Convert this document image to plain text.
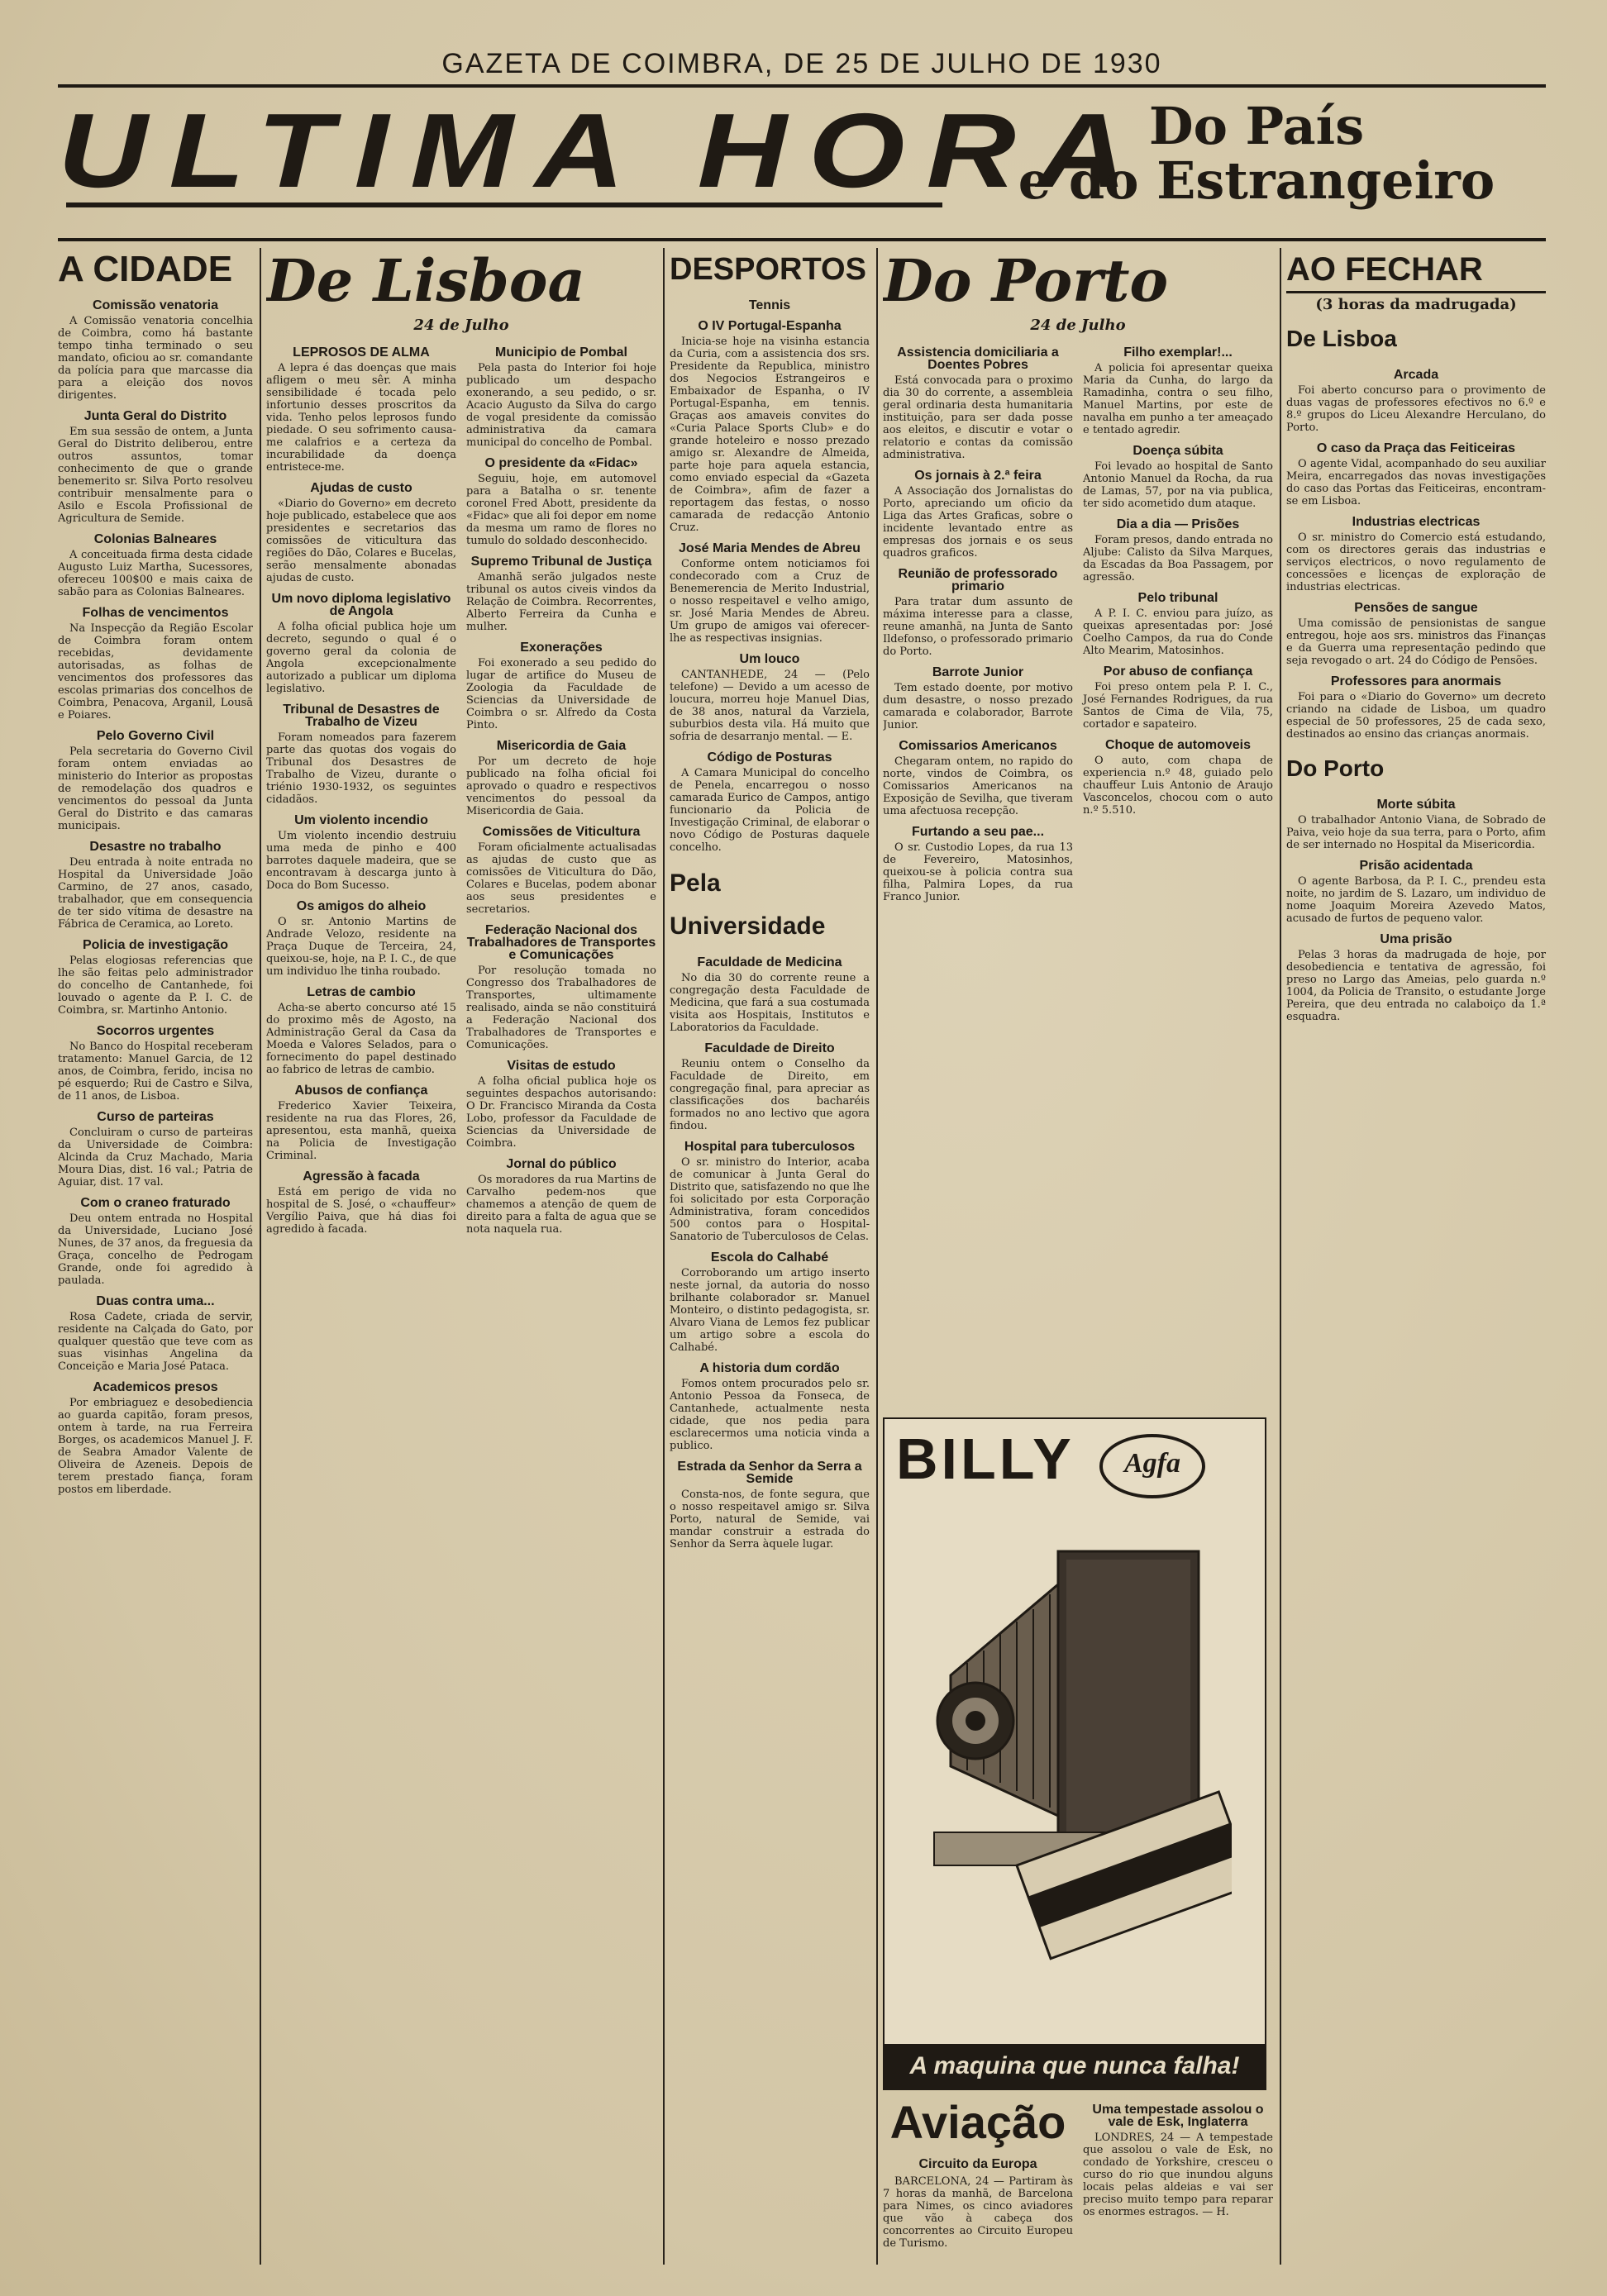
GAZETA DE COIMBRA, DE 25 DE JULHO DE 1930
ULTIMA HORA Do País
e do Estrangeiro
A CIDADE
Comissão venatoria

A Comissão venatoria concelhia de Coimbra, como há bastante tempo tinha terminado o seu mandato, oficiou ao sr. comandante da polícia para que marcasse dia para a eleição dos novos dirigentes.

Junta Geral do Distrito

Em sua sessão de ontem, a Junta Geral do Distrito deliberou, entre outros assuntos, tomar conhecimento de que o grande benemerito sr. Silva Porto resolveu contribuir mensalmente para o Asilo e Escola Profissional de Agricultura de Semide.

Colonias Balneares

A conceituada firma desta cidade Augusto Luiz Martha, Sucessores, ofereceu 100$00 e mais caixa de sabão para as Colonias Balneares.

Folhas de vencimentos

Na Inspecção da Região Escolar de Coimbra foram ontem recebidas, devidamente autorisadas, as folhas de vencimentos dos professores das escolas primarias dos concelhos de Coimbra, Penacova, Arganil, Lousã e Poiares.

Pelo Governo Civil

Pela secretaria do Governo Civil foram ontem enviadas ao ministerio do Interior as propostas de remodelação dos quadros e vencimentos do pessoal da Junta Geral do Distrito e das camaras municipais.

Desastre no trabalho

Deu entrada à noite entrada no Hospital da Universidade João Carmino, de 27 anos, casado, trabalhador, que em consequencia de ter sido vítima de desastre na Fábrica de Ceramica, ao Loreto.

Policia de investigação

Pelas elogiosas referencias que lhe são feitas pelo administrador do concelho de Cantanhede, foi louvado o agente da P. I. C. de Coimbra, sr. Martinho Antonio.

Socorros urgentes

No Banco do Hospital receberam tratamento: Manuel Garcia, de 12 anos, de Coimbra, ferido, incisa no pé esquerdo; Rui de Castro e Silva, de 11 anos, de Lisboa.

Curso de parteiras

Concluiram o curso de parteiras da Universidade de Coimbra: Alcinda da Cruz Machado, Maria Moura Dias, dist. 16 val.; Patria de Aguiar, dist. 17 val.

Com o craneo fraturado

Deu ontem entrada no Hospital da Universidade, Luciano José Nunes, de 37 anos, da freguesia da Graça, concelho de Pedrogam Grande, onde foi agredido à paulada.

Duas contra uma...

Rosa Cadete, criada de servir, residente na Calçada do Gato, por qualquer questão que teve com as suas visinhas Angelina da Conceição e Maria José Pataca.

Academicos presos

Por embriaguez e desobediencia ao guarda capitão, foram presos, ontem à tarde, na rua Ferreira Borges, os academicos Manuel J. F. de Seabra Amador Valente de Oliveira de Azeneis. Depois de terem prestado fiança, foram postos em liberdade.

De Lisboa
24 de Julho
LEPROSOS DE ALMA

A lepra é das doenças que mais afligem o meu sêr. A minha sensibilidade é tocada pelo infortunio desses proscritos da vida. Tenho pelos leprosos fundo piedade. O seu sofrimento causa-me calafrios e a certeza da incurabilidade da doença entristece-me.

Ajudas de custo

«Diario do Governo» em decreto hoje publicado, estabelece que aos presidentes e secretarios das comissões de viticultura das regiões do Dão, Colares e Bucelas, serão mensalmente abonadas ajudas de custo.

Um novo diploma legislativo de Angola

A folha oficial publica hoje um decreto, segundo o qual é o governo geral da colonia de Angola excepcionalmente autorizado a publicar um diploma legislativo.

Tribunal de Desastres de Trabalho de Vizeu

Foram nomeados para fazerem parte das quotas dos vogais do Tribunal dos Desastres de Trabalho de Vizeu, durante o triénio 1930-1932, os seguintes cidadãos.

Um violento incendio

Um violento incendio destruiu uma meda de pinho e 400 barrotes daquele madeira, que se encontravam à descarga junto à Doca do Bom Sucesso.

Os amigos do alheio

O sr. Antonio Martins de Andrade Velozo, residente na Praça Duque de Terceira, 24, queixou-se, hoje, na P. I. C., de que um individuo lhe tinha roubado.

Letras de cambio

Acha-se aberto concurso até 15 do proximo mês de Agosto, na Administração Geral da Casa da Moeda e Valores Selados, para o fornecimento do papel destinado ao fabrico de letras de cambio.

Abusos de confiança

Frederico Xavier Teixeira, residente na rua das Flores, 26, apresentou, esta manhã, queixa na Policia de Investigação Criminal.

Agressão à facada

Está em perigo de vida no hospital de S. José, o «chauffeur» Vergílio Paiva, que há dias foi agredido à facada.

Municipio de Pombal

Pela pasta do Interior foi hoje publicado um despacho exonerando, a seu pedido, o sr. Acacio Augusto da Silva do cargo de vogal presidente da comissão administrativa da camara municipal do concelho de Pombal.

O presidente da «Fidac»

Seguiu, hoje, em automovel para a Batalha o sr. tenente coronel Fred Abott, presidente da «Fidac» que ali foi depor em nome da mesma um ramo de flores no tumulo do soldado desconhecido.

Supremo Tribunal de Justiça

Amanhã serão julgados neste tribunal os autos civeis vindos da Relação de Coimbra. Recorrentes, Alberto Ferreira da Cunha e mulher.

Exonerações

Foi exonerado a seu pedido do lugar de artifice do Museu de Zoologia da Faculdade de Sciencias da Universidade de Coimbra o sr. Alfredo da Costa Pinto.

Misericordia de Gaia

Por um decreto de hoje publicado na folha oficial foi aprovado o quadro e respectivos vencimentos do pessoal da Misericordia de Gaia.

Comissões de Viticultura

Foram oficialmente actualisadas as ajudas de custo que as comissões de Viticultura do Dão, Colares e Bucelas, podem abonar aos seus presidentes e secretarios.

Federação Nacional dos Trabalhadores de Transportes e Comunicações

Por resolução tomada no Congresso dos Trabalhadores de Transportes, ultimamente realisado, ainda se não constituirá a Federação Nacional dos Trabalhadores de Transportes e Comunicações.

Visitas de estudo

A folha oficial publica hoje os seguintes despachos autorisando: O Dr. Francisco Miranda da Costa Lobo, professor da Faculdade de Sciencias da Universidade de Coimbra.

Jornal do público

Os moradores da rua Martins de Carvalho pedem-nos que chamemos a atenção de quem de direito para a falta de agua que se nota naquela rua.

DESPORTOS
Tennis
O IV Portugal-Espanha

Inicia-se hoje na visinha estancia da Curia, com a assistencia dos srs. Presidente da Republica, ministro dos Negocios Estrangeiros e Embaixador de Espanha, o IV Portugal-Espanha, em tennis. Graças aos amaveis convites do «Curia Palace Sports Club» e do grande hoteleiro e nosso prezado amigo sr. Alexandre de Almeida, parte hoje para aquela estancia, como enviado especial da «Gazeta de Coimbra», afim de fazer a reportagem das festas, o nosso camarada de redacção Antonio Cruz.

José Maria Mendes de Abreu

Conforme ontem noticiamos foi condecorado com a Cruz de Benemerencia de Merito Industrial, o nosso respeitavel e velho amigo, sr. José Maria Mendes de Abreu. Um grupo de amigos vai oferecer-lhe as respectivas insignias.

Um louco

CANTANHEDE, 24 — (Pelo telefone) — Devido a um acesso de loucura, morreu hoje Manuel Dias, de 38 anos, natural da Varziela, suburbios desta vila. Há muito que sofria de desarranjo mental. — E.

Código de Posturas

A Camara Municipal do concelho de Penela, encarregou o nosso camarada Eurico de Campos, antigo funcionario da Policia de Investigação Criminal, de elaborar o novo Código de Posturas daquele concelho.

Pela Universidade
Faculdade de Medicina

No dia 30 do corrente reune a congregação desta Faculdade de Medicina, que fará a sua costumada visita aos Hospitais, Institutos e Laboratorios da Faculdade.

Faculdade de Direito

Reuniu ontem o Conselho da Faculdade de Direito, em congregação final, para apreciar as classificações dos bacharéis formados no ano lectivo que agora findou.

Hospital para tuberculosos

O sr. ministro do Interior, acaba de comunicar à Junta Geral do Distrito que, satisfazendo no que lhe foi solicitado por esta Corporação Administrativa, foram concedidos 500 contos para o Hospital-Sanatorio de Tuberculosos de Celas.

Escola do Calhabé

Corroborando um artigo inserto neste jornal, da autoria do nosso brilhante colaborador sr. Manuel Monteiro, o distinto pedagogista, sr. Alvaro Viana de Lemos fez publicar um artigo sobre a escola do Calhabé.

A historia dum cordão

Fomos ontem procurados pelo sr. Antonio Pessoa da Fonseca, de Cantanhede, actualmente nesta cidade, que nos pedia para esclarecermos uma noticia vinda a publico.

Estrada da Senhor da Serra a Semide

Consta-nos, de fonte segura, que o nosso respeitavel amigo sr. Silva Porto, natural de Semide, vai mandar construir a estrada do Senhor da Serra àquele lugar.

Do Porto
24 de Julho
Assistencia domiciliaria a Doentes Pobres

Está convocada para o proximo dia 30 do corrente, a assembleia geral ordinaria desta humanitaria instituição, para ser dada posse aos eleitos, e discutir e votar o relatorio e contas da comissão administrativa.

Os jornais à 2.ª feira

A Associação dos Jornalistas do Porto, apreciando um oficio da Liga das Artes Graficas, sobre o incidente levantado entre as empresas dos jornais e os seus quadros graficos.

Reunião de professorado primario

Para tratar dum assunto de máxima interesse para a classe, reune amanhã, na Junta de Santo Ildefonso, o professorado primario do Porto.

Barrote Junior

Tem estado doente, por motivo dum desastre, o nosso prezado camarada e colaborador, Barrote Junior.

Comissarios Americanos

Chegaram ontem, no rapido do norte, vindos de Coimbra, os Comissarios Americanos na Exposição de Sevilha, que tiveram uma afectuosa recepção.

Furtando a seu pae...

O sr. Custodio Lopes, da rua 13 de Fevereiro, Matosinhos, queixou-se à policia contra sua filha, Palmira Lopes, da rua Franco Junior.

Filho exemplar!...

A policia foi apresentar queixa Maria da Cunha, do largo da Ramadinha, contra o seu filho, Manuel Martins, por este de navalha em punho a ter ameaçado e tentado agredir.

Doença súbita

Foi levado ao hospital de Santo Antonio Manuel da Rocha, da rua de Lamas, 57, por na via publica, ter sido acometido dum ataque.

Dia a dia — Prisões

Foram presos, dando entrada no Aljube: Calisto da Silva Marques, da Escadas da Boa Passagem, por agressão.

Pelo tribunal

A P. I. C. enviou para juízo, as queixas apresentadas por: José Coelho Campos, da rua do Conde Alto Mearim, Matosinhos.

Por abuso de confiança

Foi preso ontem pela P. I. C., José Fernandes Rodrigues, da rua Santos de Cima de Vila, 75, cortador e sapateiro.

Choque de automoveis

O auto, com chapa de experiencia n.º 48, guiado pelo chauffeur Luis Antonio de Araujo Vasconcelos, chocou com o auto n.º 5.510.

BILLY	Agfa
Agfa-Film
A maquina que nunca falha!
Aviação
Circuito da Europa

BARCELONA, 24 — Partiram às 7 horas da manhã, de Barcelona para Nimes, os cinco aviadores que vão à cabeça dos concorrentes ao Circuito Europeu de Turismo.

Uma tempestade assolou o vale de Esk, Inglaterra

LONDRES, 24 — A tempestade que assolou o vale de Esk, no condado de Yorkshire, cresceu o curso do rio que inundou alguns locais pelas aldeias e vai ser preciso muito tempo para reparar os enormes estragos. — H.

AO FECHAR
(3 horas da madrugada)
De Lisboa
Arcada

Foi aberto concurso para o provimento de duas vagas de professores efectivos no 6.º e 8.º grupos do Liceu Alexandre Herculano, do Porto.

O caso da Praça das Feiticeiras

O agente Vidal, acompanhado do seu auxiliar Meira, encarregados das novas investigações do caso das Portas das Feiticeiras, encontram-se em Lisboa.

Industrias electricas

O sr. ministro do Comercio está estudando, com os directores gerais das industrias e serviços electricos, o novo regulamento de concessões e licenças de exploração de industrias electricas.

Pensões de sangue

Uma comissão de pensionistas de sangue entregou, hoje aos srs. ministros das Finanças e da Guerra uma representação pedindo que seja revogado o art. 24 do Código de Pensões.

Professores para anormais

Foi para o «Diario do Governo» um decreto criando na cidade de Lisboa, um quadro especial de 50 professores, 25 de cada sexo, destinados ao ensino das crianças anormais.

Do Porto
Morte súbita

O trabalhador Antonio Viana, de Sobrado de Paiva, veio hoje da sua terra, para o Porto, afim de ser internado no Hospital da Misericordia.

Prisão acidentada

O agente Barbosa, da P. I. C., prendeu esta noite, no jardim de S. Lazaro, um individuo de nome Joaquim Moreira Azevedo Matos, acusado de furtos de pequeno valor.

Uma prisão

Pelas 3 horas da madrugada de hoje, por desobediencia e tentativa de agressão, foi preso no Largo das Ameias, pelo guarda n.º 1004, da Policia de Transito, o estudante Jorge Pereira, que deu entrada no calaboiço da 1.ª esquadra.
